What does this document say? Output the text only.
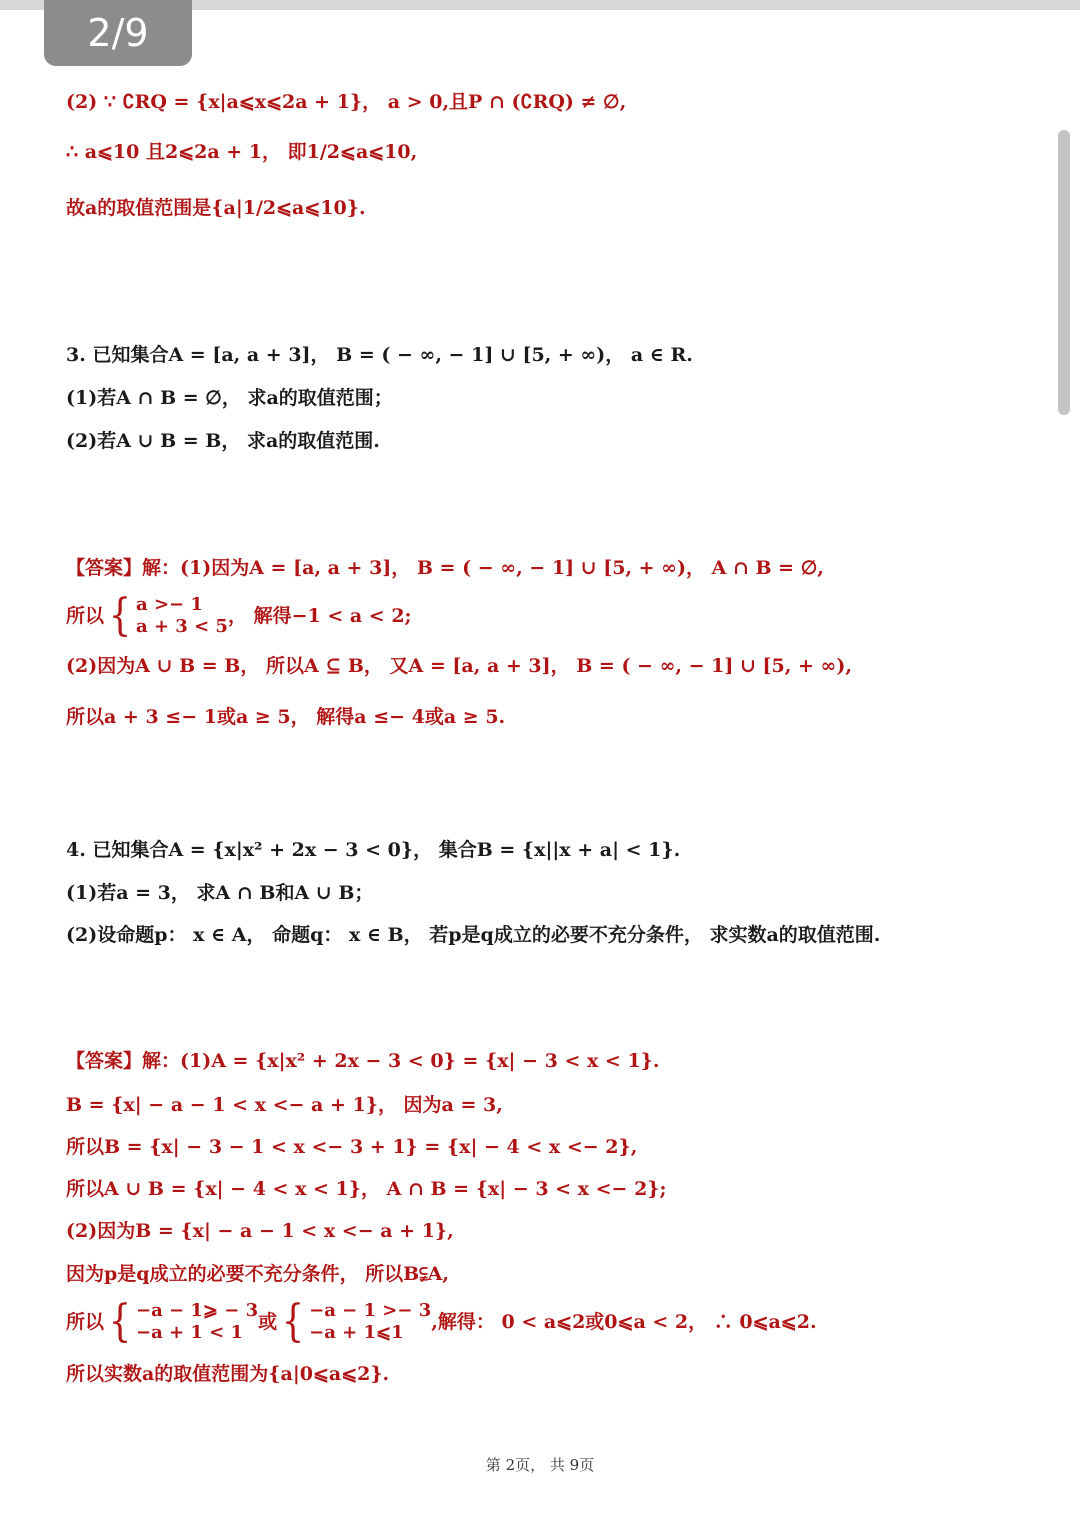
2/9
(2) ∵ ∁RQ = {x|a⩽x⩽2a + 1}， a > 0,且P ∩ (∁RQ) ≠ ∅,
∴ a⩽10 且2⩽2a + 1， 即1/2⩽a⩽10,
故a的取值范围是{a|1/2⩽a⩽10}.
3. 已知集合A = [a, a + 3]， B = ( − ∞, − 1] ∪ [5, + ∞)， a ∈ R.
(1)若A ∩ B = ∅， 求a的取值范围；
(2)若A ∪ B = B， 求a的取值范围.
【答案】解：(1)因为A = [a, a + 3]， B = ( − ∞, − 1] ∪ [5, + ∞)， A ∩ B = ∅,
所以 { a >− 1
a + 3 < 5 ， 解得−1 < a < 2;
(2)因为A ∪ B = B， 所以A ⊆ B， 又A = [a, a + 3]， B = ( − ∞, − 1] ∪ [5, + ∞),
所以a + 3 ≤− 1或a ≥ 5， 解得a ≤− 4或a ≥ 5.
4. 已知集合A = {x|x² + 2x − 3 < 0}， 集合B = {x||x + a| < 1}.
(1)若a = 3， 求A ∩ B和A ∪ B；
(2)设命题p： x ∈ A， 命题q： x ∈ B， 若p是q成立的必要不充分条件， 求实数a的取值范围.
【答案】解：(1)A = {x|x² + 2x − 3 < 0} = {x| − 3 < x < 1}.
B = {x| − a − 1 < x <− a + 1}， 因为a = 3,
所以B = {x| − 3 − 1 < x <− 3 + 1} = {x| − 4 < x <− 2},
所以A ∪ B = {x| − 4 < x < 1}， A ∩ B = {x| − 3 < x <− 2};
(2)因为B = {x| − a − 1 < x <− a + 1},
因为p是q成立的必要不充分条件， 所以B⫋A,
所以 { −a − 1⩾ − 3
−a + 1 < 1 或 { −a − 1 >− 3
−a + 1⩽1	,解得： 0 < a⩽2或0⩽a < 2， ∴ 0⩽a⩽2.
所以实数a的取值范围为{a|0⩽a⩽2}.
第 2页， 共 9页
